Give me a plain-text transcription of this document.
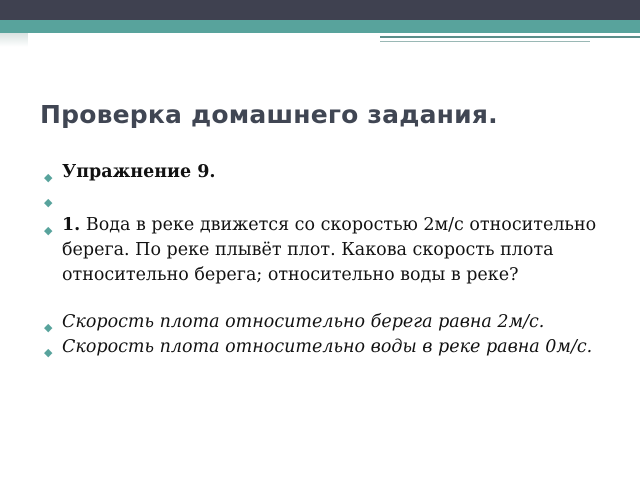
Проверка домашнего задания.
◆ Упражнение 9.
◆
◆ 1. Вода в реке движется со скоростью 2м/с относительно берега. По реке плывёт плот. Какова скорость плота относительно берега; относительно воды в реке?
◆ Скорость плота относительно берега равна 2м/с.
◆ Скорость плота относительно воды в реке равна 0м/с.
